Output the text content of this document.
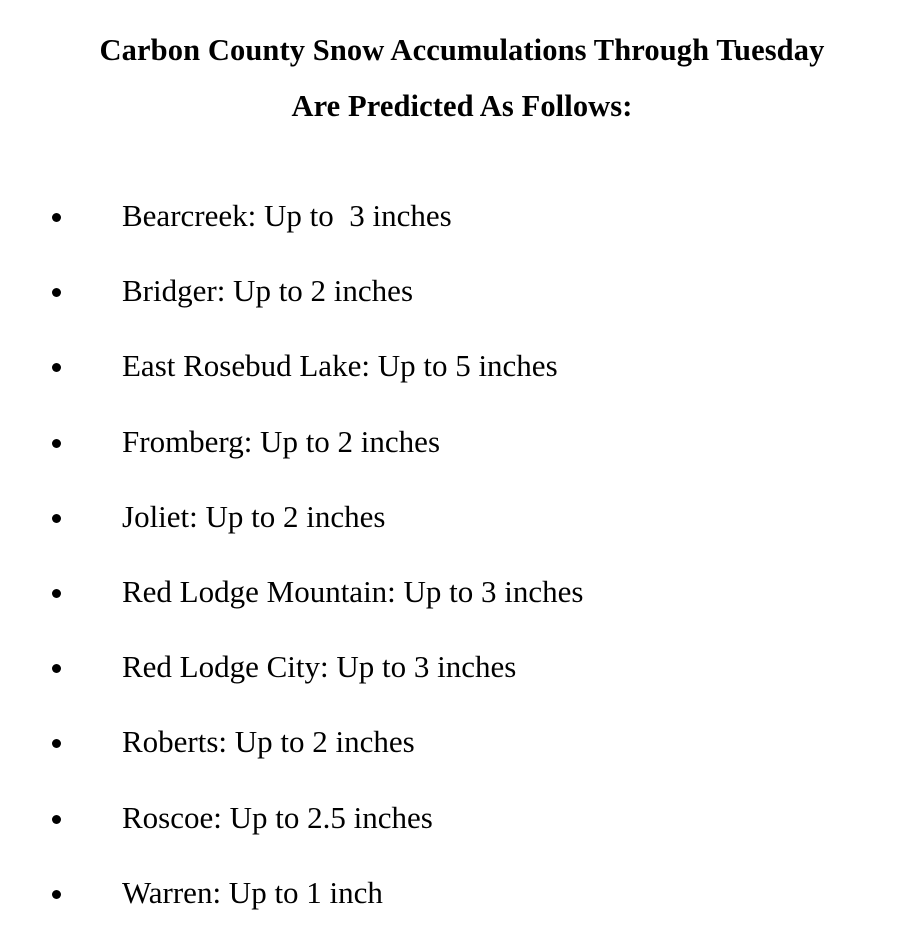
Carbon County Snow Accumulations Through Tuesday
Are Predicted As Follows:
Bearcreek: Up to  3 inches
Bridger: Up to 2 inches
East Rosebud Lake: Up to 5 inches
Fromberg: Up to 2 inches
Joliet: Up to 2 inches
Red Lodge Mountain: Up to 3 inches
Red Lodge City: Up to 3 inches
Roberts: Up to 2 inches
Roscoe: Up to 2.5 inches
Warren: Up to 1 inch
